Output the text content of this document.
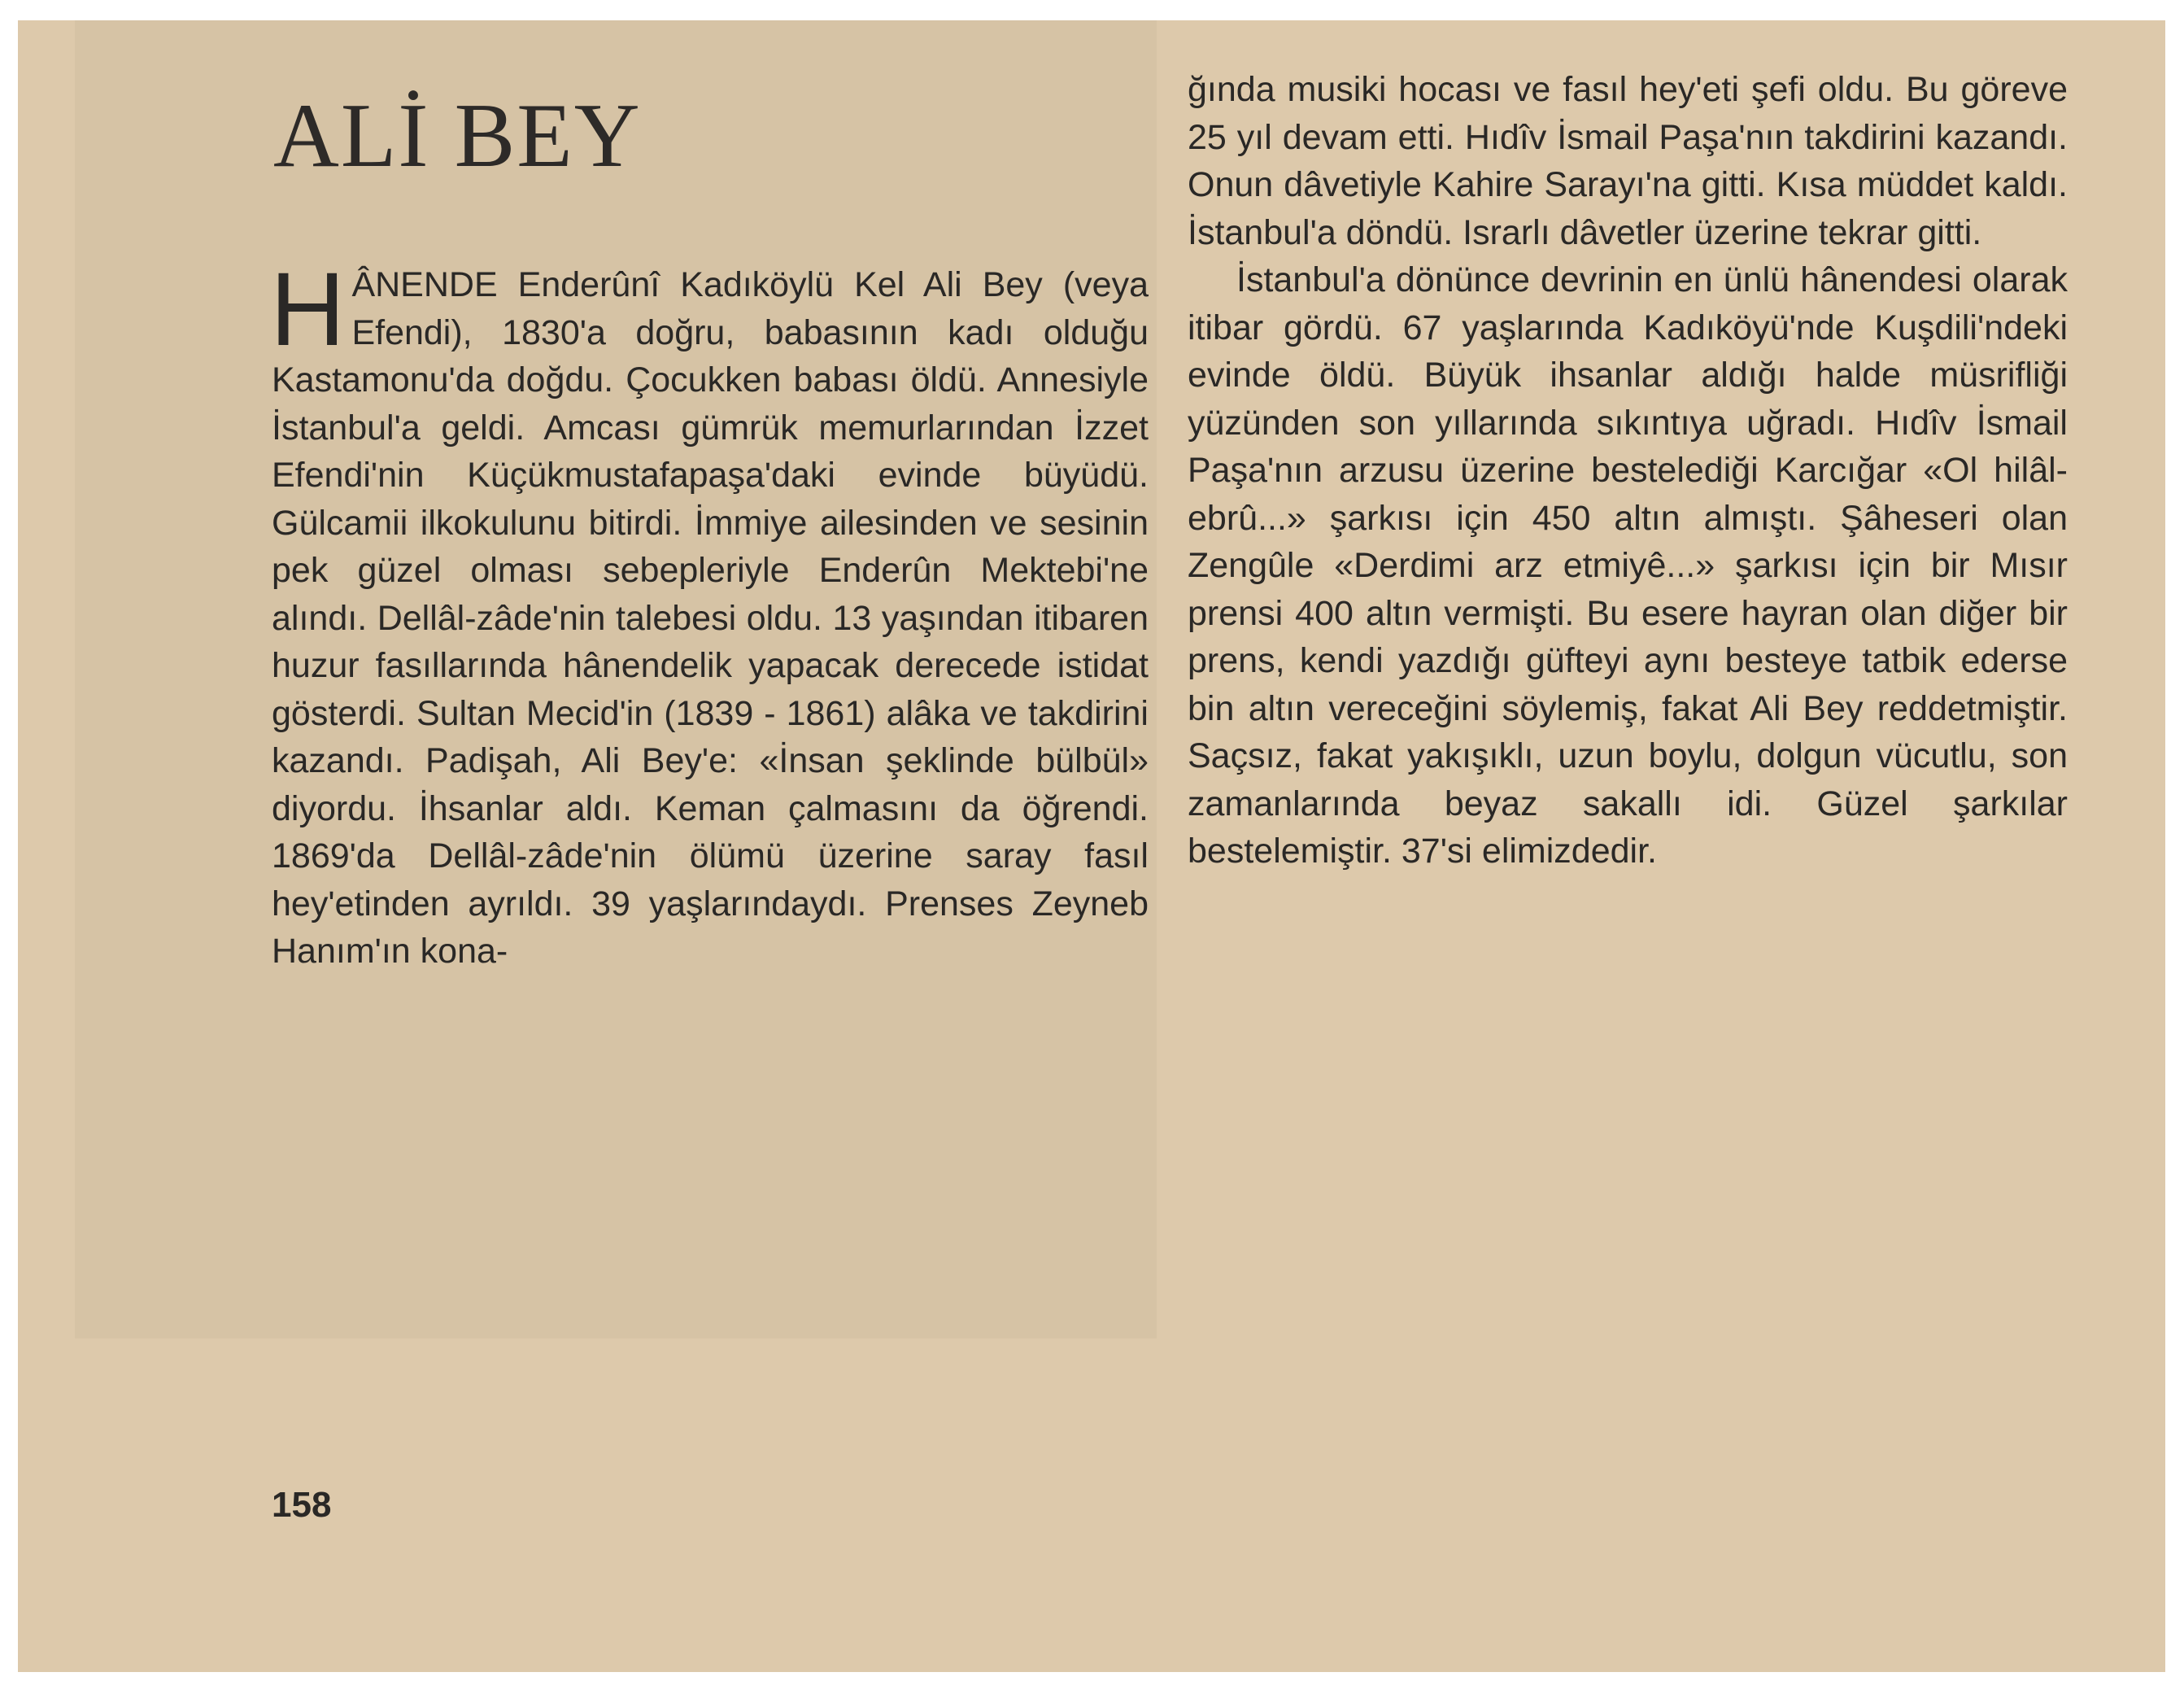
ALİ BEY

HÂNENDE Enderûnî Kadıköylü Kel Ali Bey (veya Efendi), 1830'a doğru, babasının kadı olduğu Kastamonu'da doğdu. Çocukken babası öldü. Annesiyle İstanbul'a geldi. Amcası gümrük memurlarından İzzet Efendi'nin Küçükmustafapaşa'daki evinde büyüdü. Gülcamii ilkokulunu bitirdi. İmmiye ailesinden ve sesinin pek güzel olması sebepleriyle Enderûn Mektebi'ne alındı. Dellâl-zâde'nin talebesi oldu. 13 yaşından itibaren huzur fasıllarında hânendelik yapacak derecede istidat gösterdi. Sultan Mecid'in (1839 - 1861) alâka ve takdirini kazandı. Padişah, Ali Bey'e: «İnsan şeklinde bülbül» diyordu. İhsanlar aldı. Keman çalmasını da öğrendi. 1869'da Dellâl-zâde'nin ölümü üzerine saray fasıl hey'etinden ayrıldı. 39 yaşlarındaydı. Prenses Zeyneb Hanım'ın kona-

ğında musiki hocası ve fasıl hey'eti şefi oldu. Bu göreve 25 yıl devam etti. Hıdîv İsmail Paşa'nın takdirini kazandı. Onun dâvetiyle Kahire Sarayı'na gitti. Kısa müddet kaldı. İstanbul'a döndü. Israrlı dâvetler üzerine tekrar gitti.

İstanbul'a dönünce devrinin en ünlü hânendesi olarak itibar gördü. 67 yaşlarında Kadıköyü'nde Kuşdili'ndeki evinde öldü. Büyük ihsanlar aldığı halde müsrifliği yüzünden son yıllarında sıkıntıya uğradı. Hıdîv İsmail Paşa'nın arzusu üzerine bestelediği Karcığar «Ol hilâl-ebrû...» şarkısı için 450 altın almıştı. Şâheseri olan Zengûle «Derdimi arz etmiyê...» şarkısı için bir Mısır prensi 400 altın vermişti. Bu esere hayran olan diğer bir prens, kendi yazdığı güfteyi aynı besteye tatbik ederse bin altın vereceğini söylemiş, fakat Ali Bey reddetmiştir. Saçsız, fakat yakışıklı, uzun boylu, dolgun vücutlu, son zamanlarında beyaz sakallı idi. Güzel şarkılar bestelemiştir. 37'si elimizdedir.

158
